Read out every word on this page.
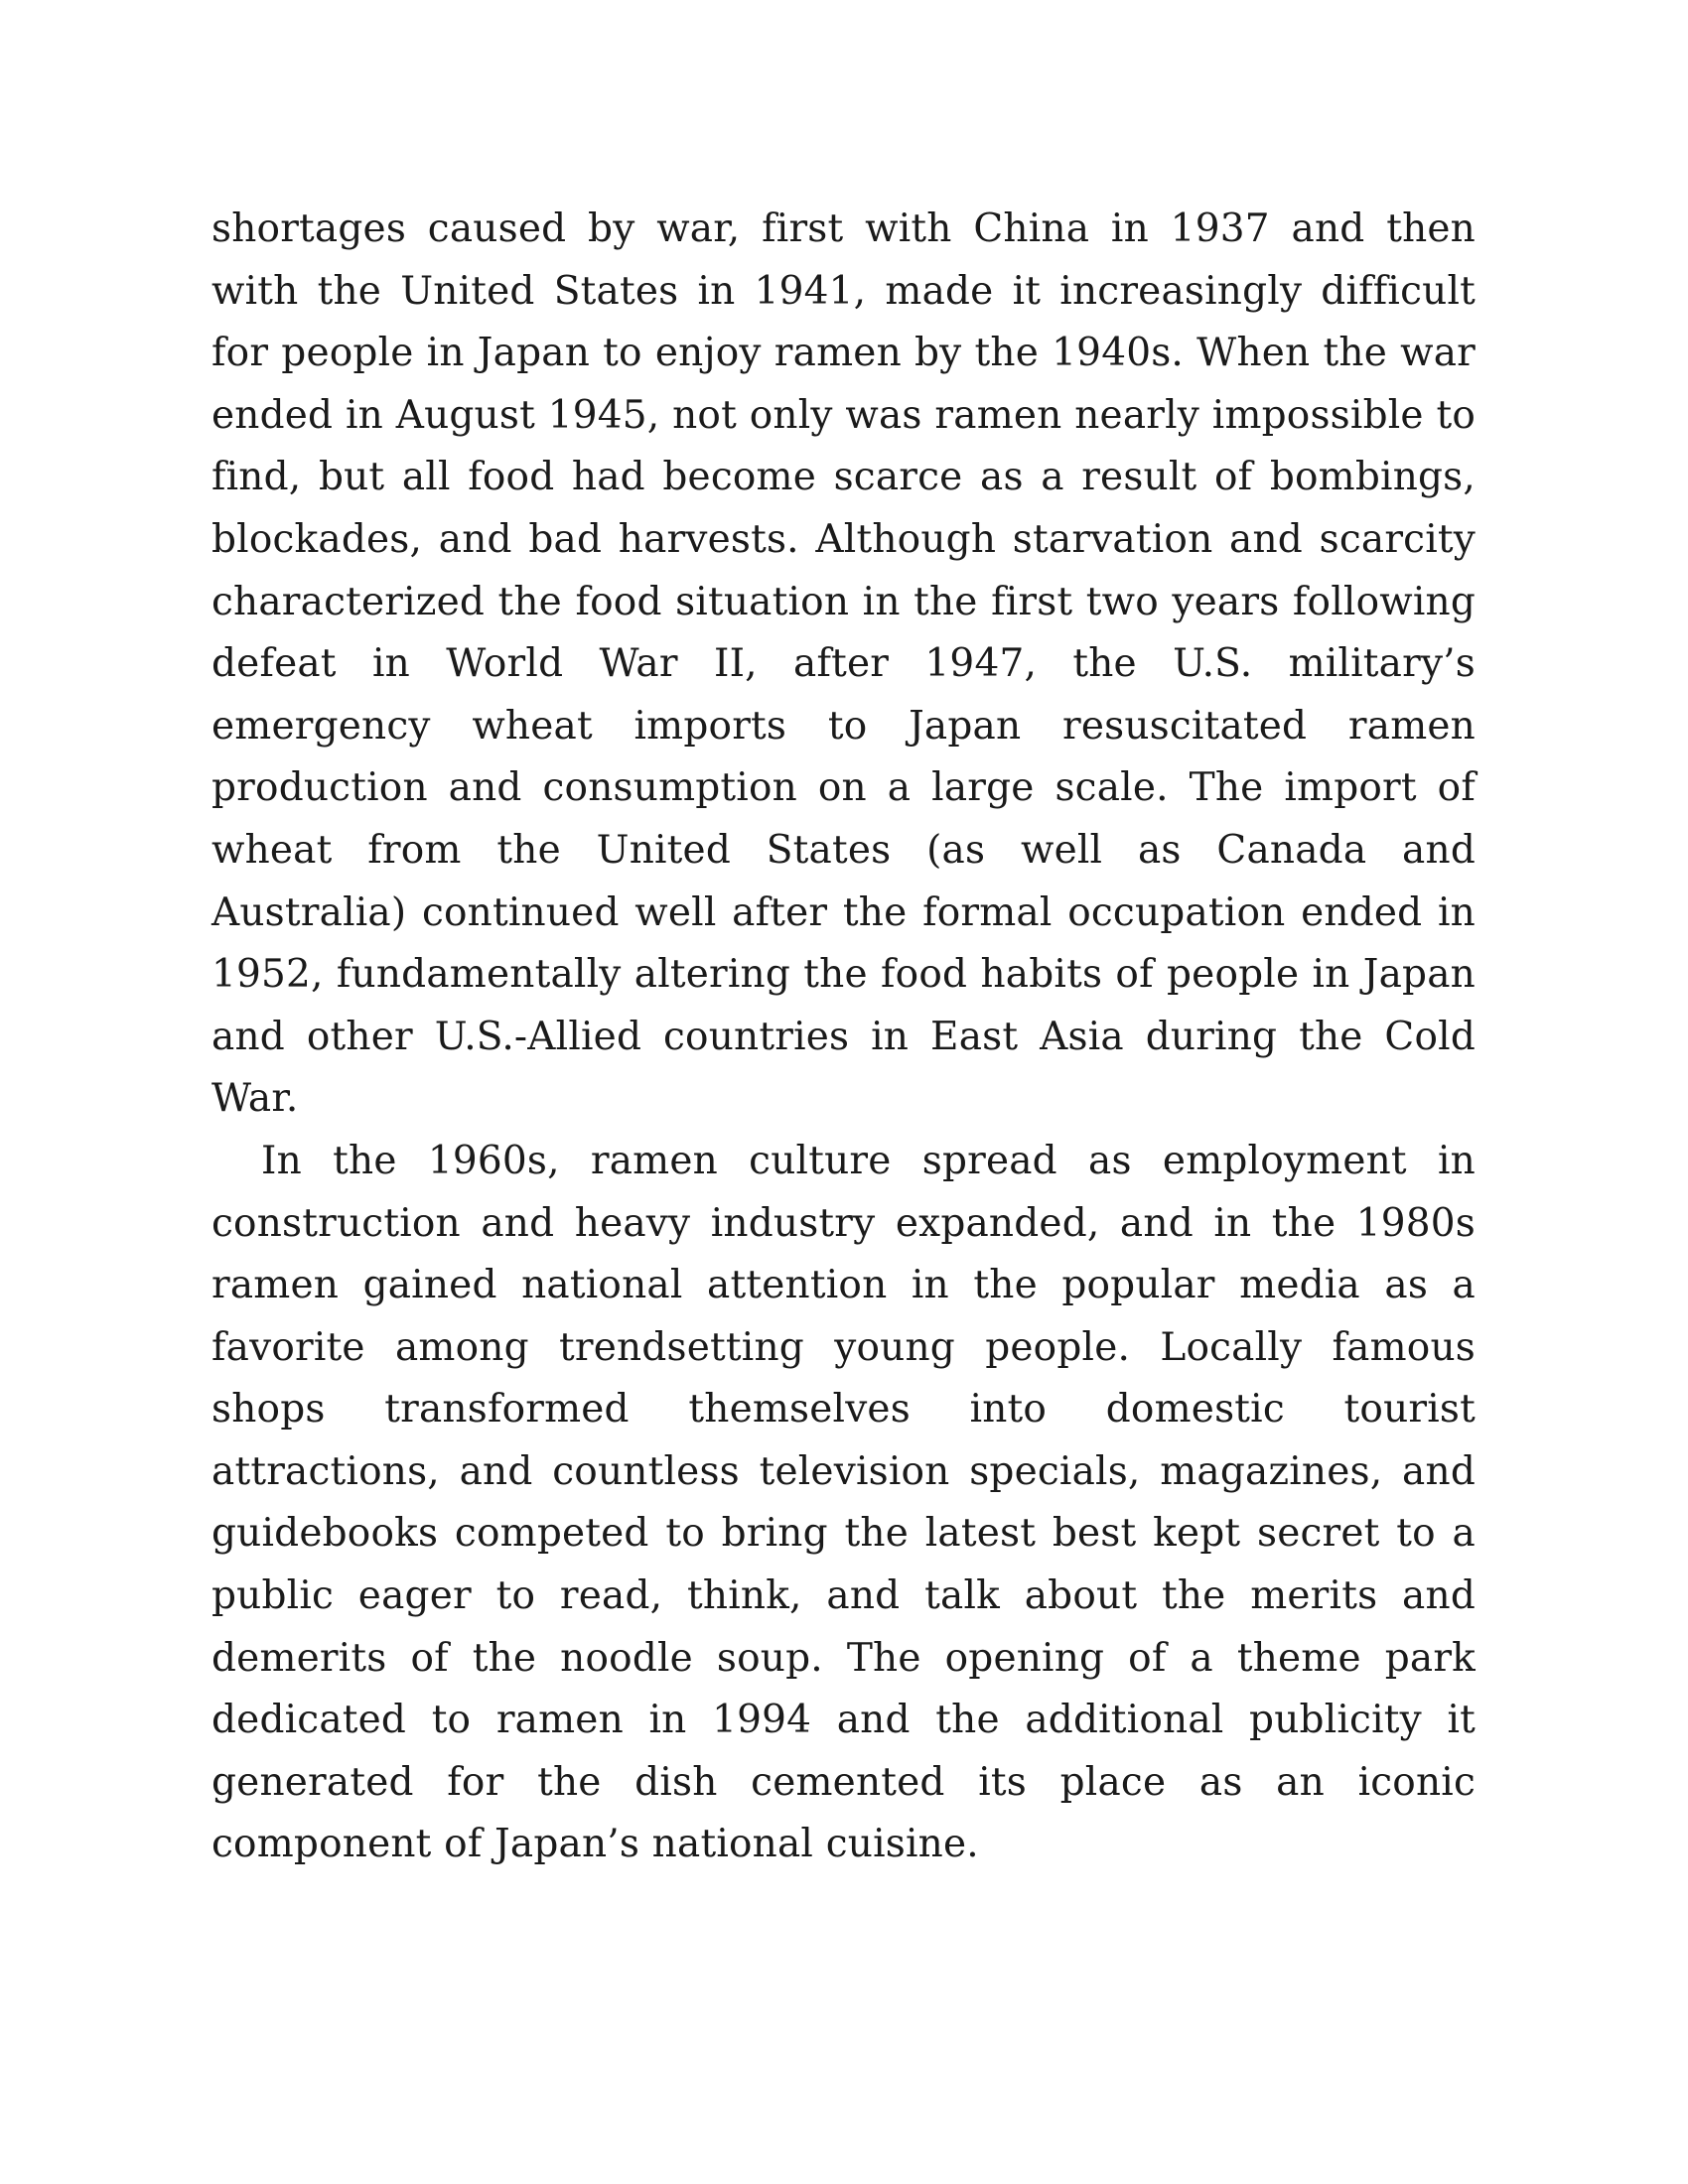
shortages caused by war, first with China in 1937 and then with the United States in 1941, made it increasingly difficult for people in Japan to enjoy ramen by the 1940s. When the war ended in August 1945, not only was ramen nearly impossible to find, but all food had become scarce as a result of bombings, blockades, and bad harvests. Although starvation and scarcity characterized the food situation in the first two years following defeat in World War II, after 1947, the U.S. military’s emergency wheat imports to Japan resuscitated ramen production and consumption on a large scale. The import of wheat from the United States (as well as Canada and Australia) continued well after the formal occupation ended in 1952, fundamentally altering the food habits of people in Japan and other U.S.-Allied countries in East Asia during the Cold War.

In the 1960s, ramen culture spread as employment in construction and heavy industry expanded, and in the 1980s ramen gained national attention in the popular media as a favorite among trendsetting young people. Locally famous shops transformed themselves into domestic tourist attractions, and countless television specials, magazines, and guidebooks competed to bring the latest best kept secret to a public eager to read, think, and talk about the merits and demerits of the noodle soup. The opening of a theme park dedicated to ramen in 1994 and the additional publicity it generated for the dish cemented its place as an iconic component of Japan’s national cuisine.
